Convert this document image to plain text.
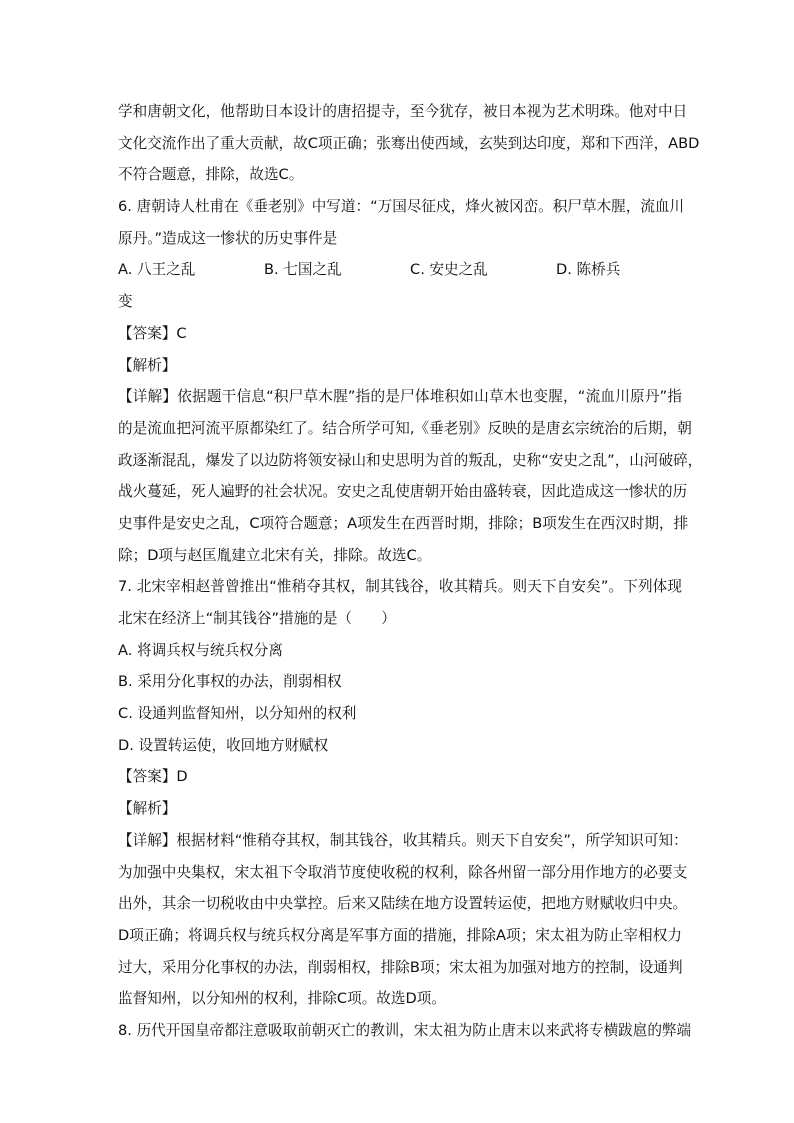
学和唐朝文化，他帮助日本设计的唐招提寺，至今犹存，被日本视为艺术明珠。他对中日
文化交流作出了重大贡献，故C项正确；张骞出使西域，玄奘到达印度，郑和下西洋，ABD
不符合题意，排除，故选C。
6. 唐朝诗人杜甫在《垂老别》中写道：“万国尽征戍，烽火被冈峦。积尸草木腥，流血川
原丹。”造成这一惨状的历史事件是
A. 八王之乱	B. 七国之乱	C. 安史之乱	D. 陈桥兵
变
【答案】C
【解析】
【详解】依据题干信息“积尸草木腥”指的是尸体堆积如山草木也变腥，“流血川原丹”指
的是流血把河流平原都染红了。结合所学可知,《垂老别》反映的是唐玄宗统治的后期，朝
政逐渐混乱，爆发了以边防将领安禄山和史思明为首的叛乱，史称“安史之乱”，山河破碎，
战火蔓延，死人遍野的社会状况。安史之乱使唐朝开始由盛转衰，因此造成这一惨状的历
史事件是安史之乱，C项符合题意；A项发生在西晋时期，排除；B项发生在西汉时期，排
除；D项与赵匡胤建立北宋有关，排除。故选C。
7. 北宋宰相赵普曾推出“惟稍夺其权，制其钱谷，收其精兵。则天下自安矣”。下列体现
北宋在经济上“制其钱谷”措施的是（　　）
A. 将调兵权与统兵权分离
B. 采用分化事权的办法，削弱相权
C. 设通判监督知州，以分知州的权利
D. 设置转运使，收回地方财赋权
【答案】D
【解析】
【详解】根据材料“惟稍夺其权，制其钱谷，收其精兵。则天下自安矣”，所学知识可知：
为加强中央集权，宋太祖下令取消节度使收税的权利，除各州留一部分用作地方的必要支
出外，其余一切税收由中央掌控。后来又陆续在地方设置转运使，把地方财赋收归中央。
D项正确；将调兵权与统兵权分离是军事方面的措施，排除A项；宋太祖为防止宰相权力
过大，采用分化事权的办法，削弱相权，排除B项；宋太祖为加强对地方的控制，设通判
监督知州，以分知州的权利，排除C项。故选D项。
8. 历代开国皇帝都注意吸取前朝灭亡的教训，宋太祖为防止唐末以来武将专横跋扈的弊端
